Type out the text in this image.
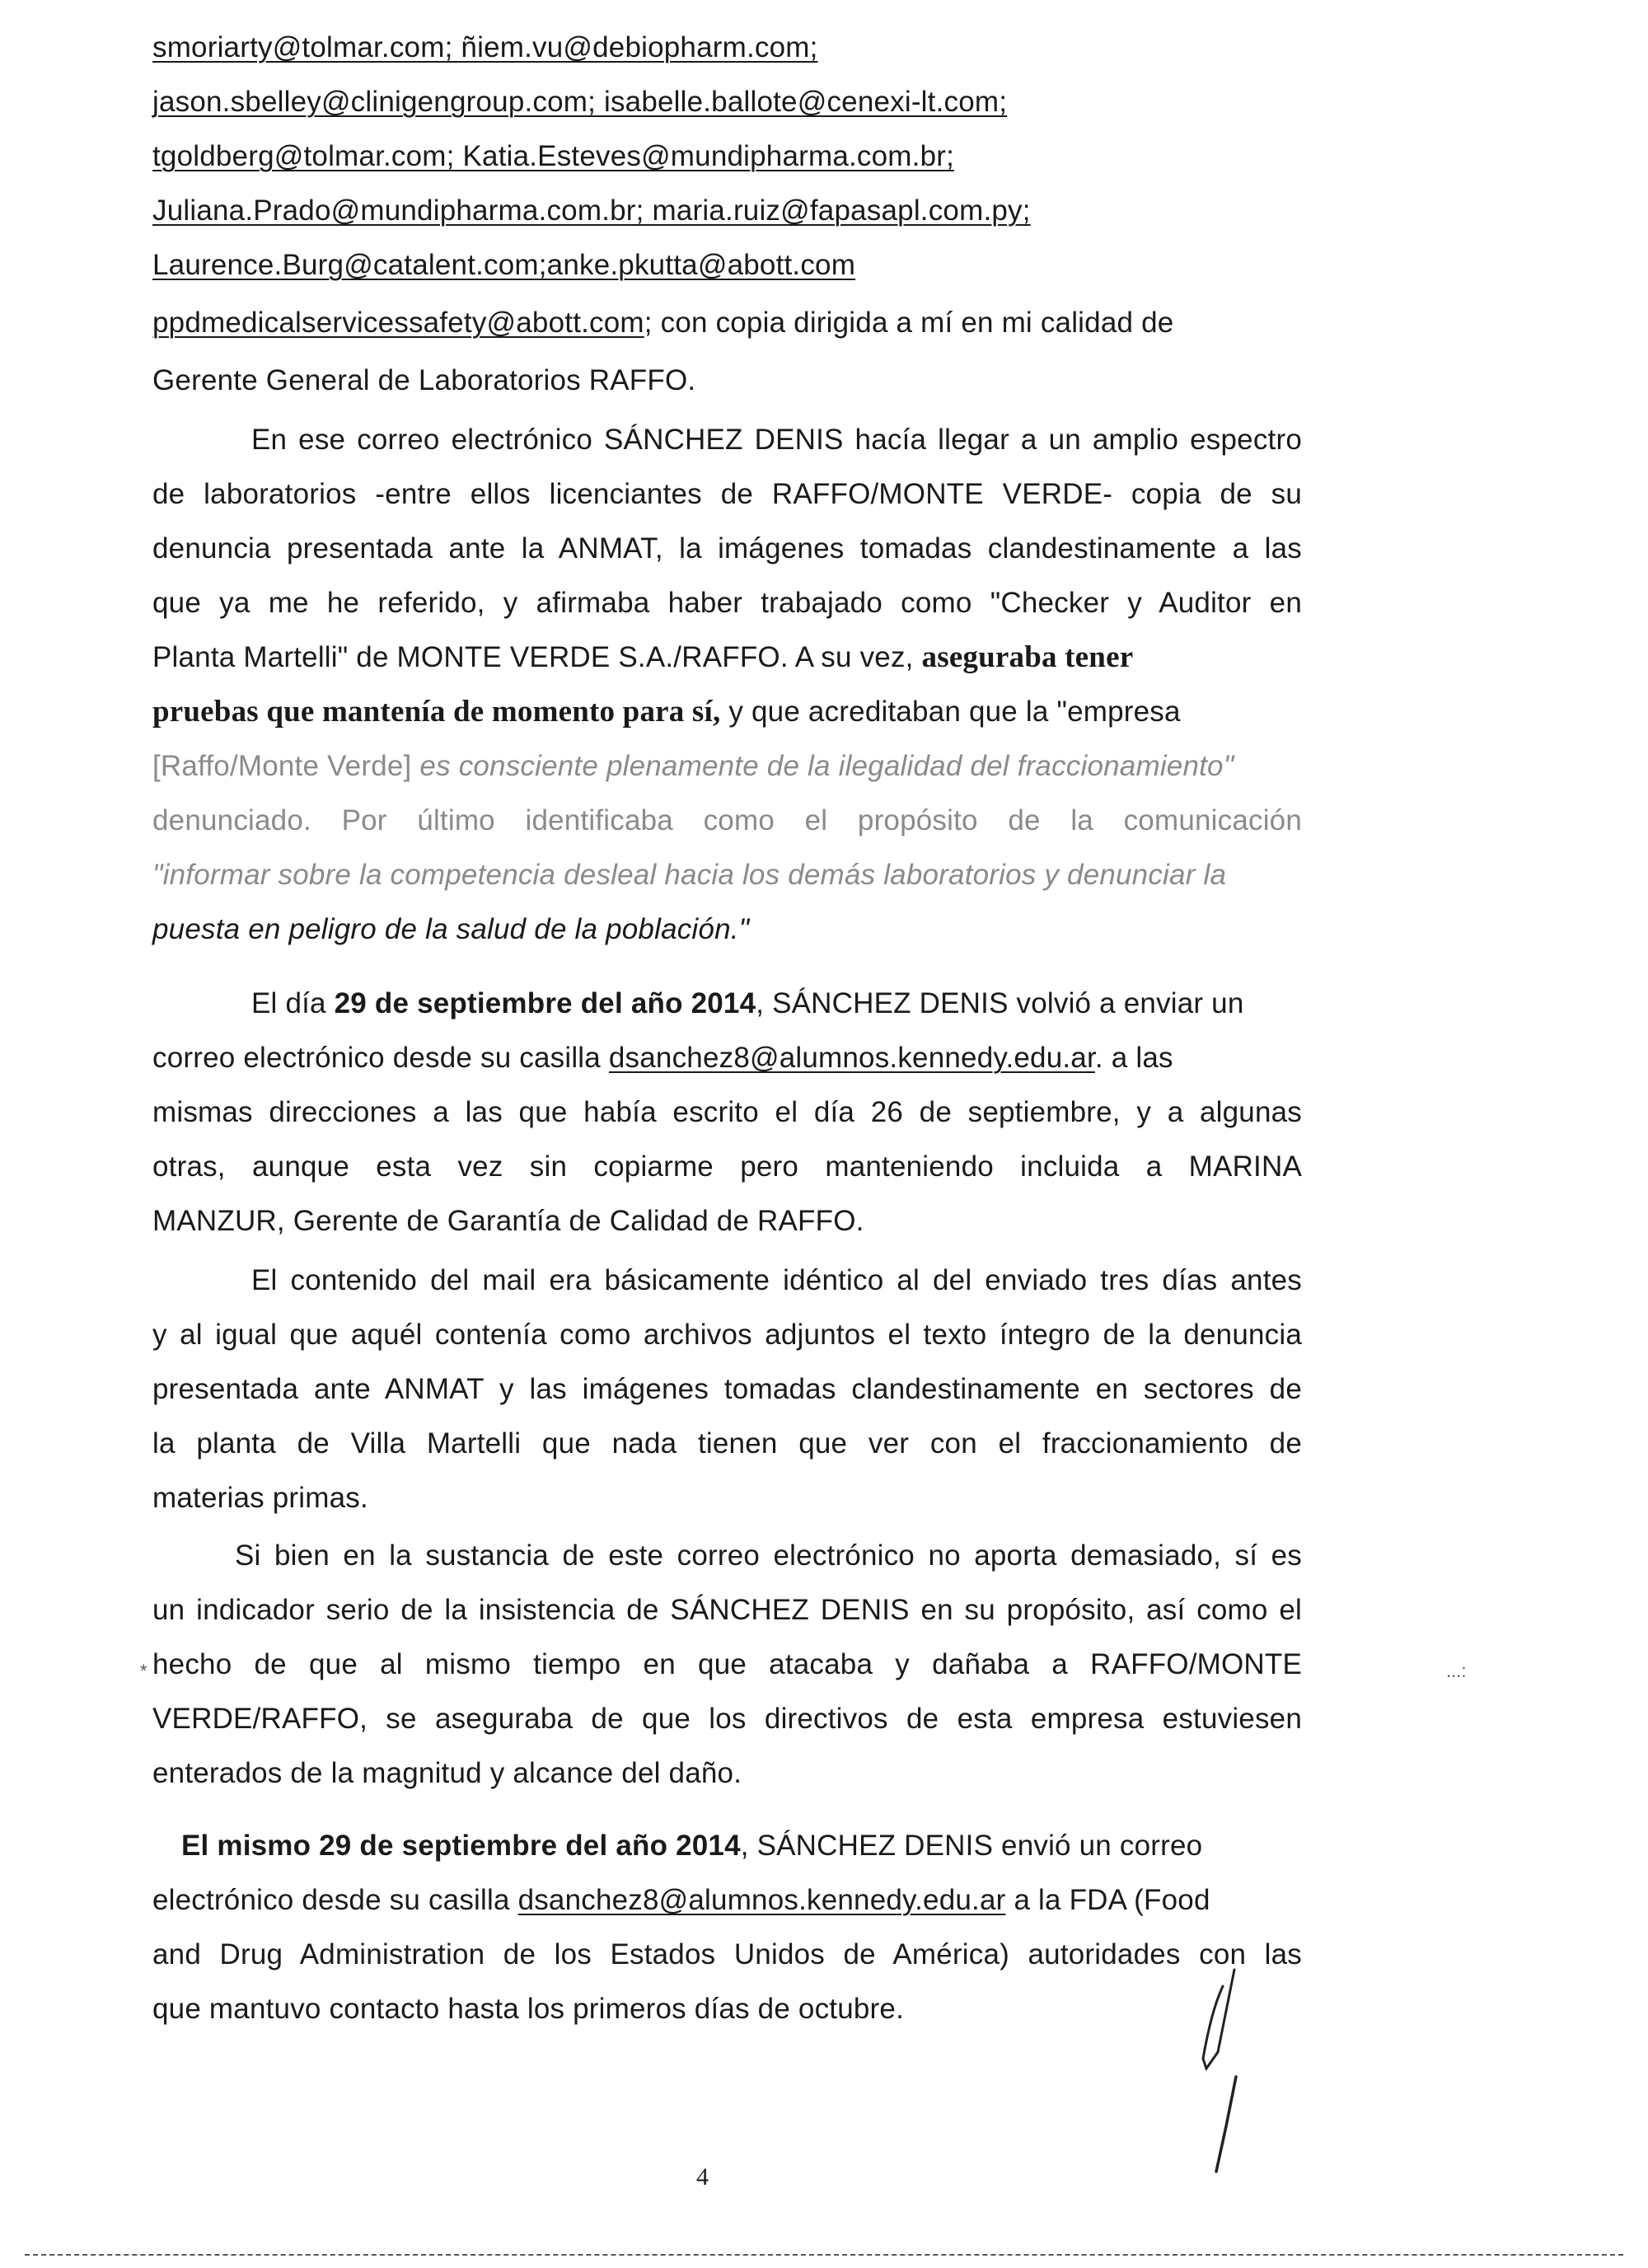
smoriarty@tolmar.com; ñiem.vu@debiopharm.com;
jason.sbelley@clinigengroup.com; isabelle.ballote@cenexi-lt.com;
tgoldberg@tolmar.com; Katia.Esteves@mundipharma.com.br;
Juliana.Prado@mundipharma.com.br; maria.ruiz@fapasapl.com.py;
Laurence.Burg@catalent.com;anke.pkutta@abott.com
ppdmedicalservicessafety@abott.com; con copia dirigida a mí en mi calidad de
Gerente General de Laboratorios RAFFO.
En ese correo electrónico SÁNCHEZ DENIS hacía llegar a un amplio espectro
de laboratorios -entre ellos licenciantes de RAFFO/MONTE VERDE- copia de su
denuncia presentada ante la ANMAT, la imágenes tomadas clandestinamente a las
que ya me he referido, y afirmaba haber trabajado como "Checker y Auditor en
Planta Martelli" de MONTE VERDE S.A./RAFFO. A su vez, aseguraba tener
pruebas que mantenía de momento para sí, y que acreditaban que la "empresa
[Raffo/Monte Verde] es consciente plenamente de la ilegalidad del fraccionamiento"
denunciado. Por último identificaba como el propósito de la comunicación
"informar sobre la competencia desleal hacia los demás laboratorios y denunciar la
puesta en peligro de la salud de la población."
El día 29 de septiembre del año 2014, SÁNCHEZ DENIS volvió a enviar un
correo electrónico desde su casilla dsanchez8@alumnos.kennedy.edu.ar. a las
mismas direcciones a las que había escrito el día 26 de septiembre, y a algunas
otras, aunque esta vez sin copiarme pero manteniendo incluida a MARINA
MANZUR, Gerente de Garantía de Calidad de RAFFO.
El contenido del mail era básicamente idéntico al del enviado tres días antes
y al igual que aquél contenía como archivos adjuntos el texto íntegro de la denuncia
presentada ante ANMAT y las imágenes tomadas clandestinamente en sectores de
la planta de Villa Martelli que nada tienen que ver con el fraccionamiento de
materias primas.
Si bien en la sustancia de este correo electrónico no aporta demasiado, sí es
un indicador serio de la insistencia de SÁNCHEZ DENIS en su propósito, así como el
hecho de que al mismo tiempo en que atacaba y dañaba a RAFFO/MONTE
VERDE/RAFFO, se aseguraba de que los directivos de esta empresa estuviesen
enterados de la magnitud y alcance del daño.
El mismo 29 de septiembre del año 2014, SÁNCHEZ DENIS envió un correo
electrónico desde su casilla dsanchez8@alumnos.kennedy.edu.ar a la FDA (Food
and Drug Administration de los Estados Unidos de América) autoridades con las
que mantuvo contacto hasta los primeros días de octubre.
*	...:
4
